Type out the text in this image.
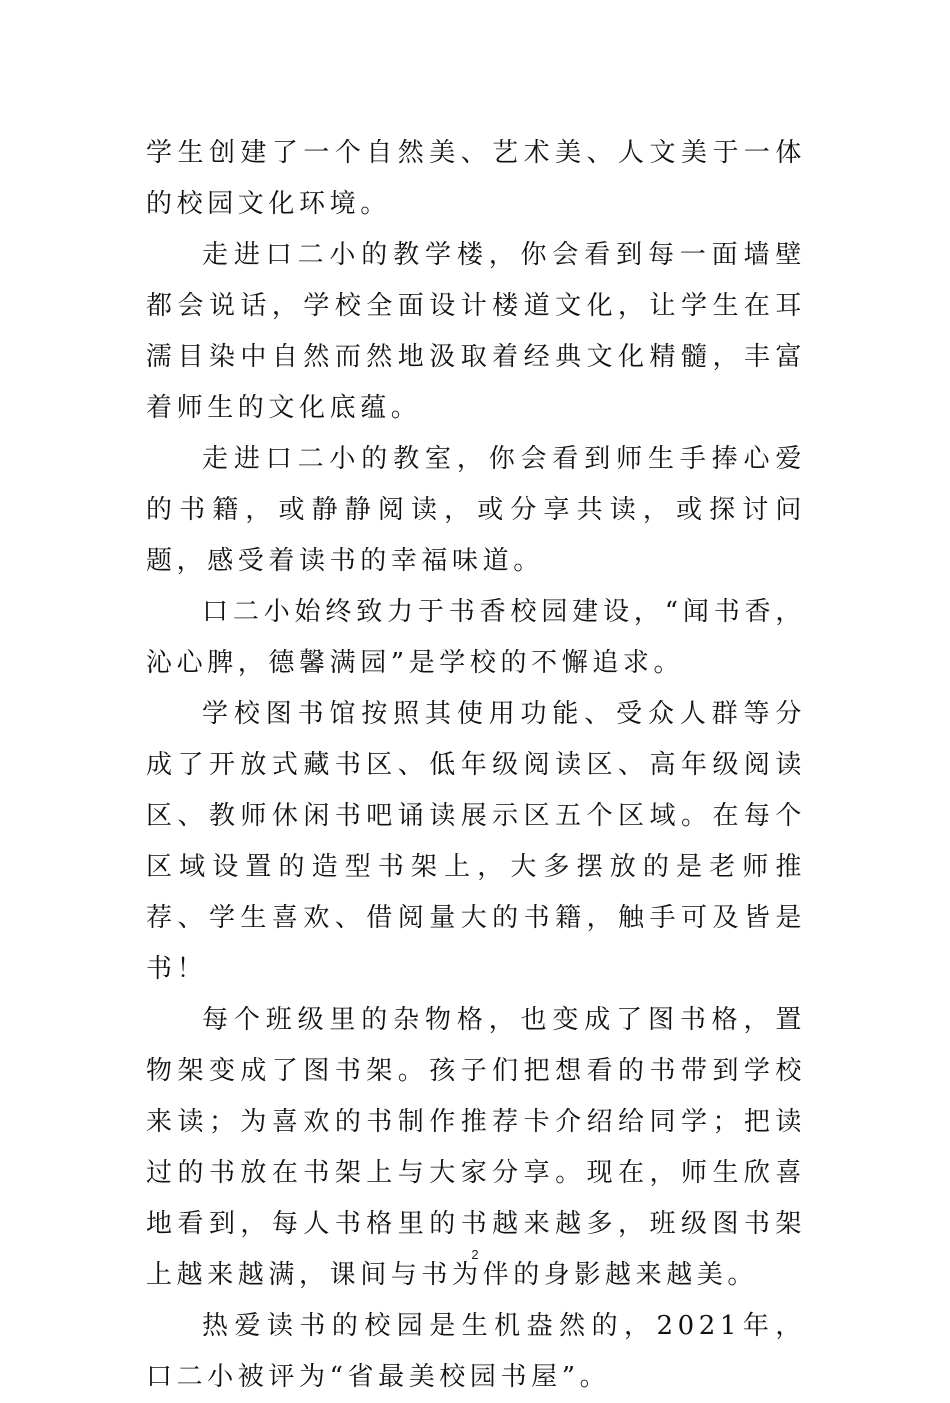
学生创建了一个自然美、艺术美、人文美于一体的校园文化环境。

走进口二小的教学楼，你会看到每一面墙壁都会说话，学校全面设计楼道文化，让学生在耳濡目染中自然而然地汲取着经典文化精髓，丰富着师生的文化底蕴。

走进口二小的教室，你会看到师生手捧心爱的书籍，或静静阅读，或分享共读，或探讨问题，感受着读书的幸福味道。

口二小始终致力于书香校园建设，“闻书香，沁心脾，德馨满园”是学校的不懈追求。

学校图书馆按照其使用功能、受众人群等分成了开放式藏书区、低年级阅读区、高年级阅读区、教师休闲书吧诵读展示区五个区域。在每个区域设置的造型书架上，大多摆放的是老师推荐、学生喜欢、借阅量大的书籍，触手可及皆是书！

每个班级里的杂物格，也变成了图书格，置物架变成了图书架。孩子们把想看的书带到学校来读；为喜欢的书制作推荐卡介绍给同学；把读过的书放在书架上与大家分享。现在，师生欣喜地看到，每人书格里的书越来越多，班级图书架上越来越满，课间与书为伴的身影越来越美。

热爱读书的校园是生机盎然的，2021年，口二小被评为“省最美校园书屋”。

2
